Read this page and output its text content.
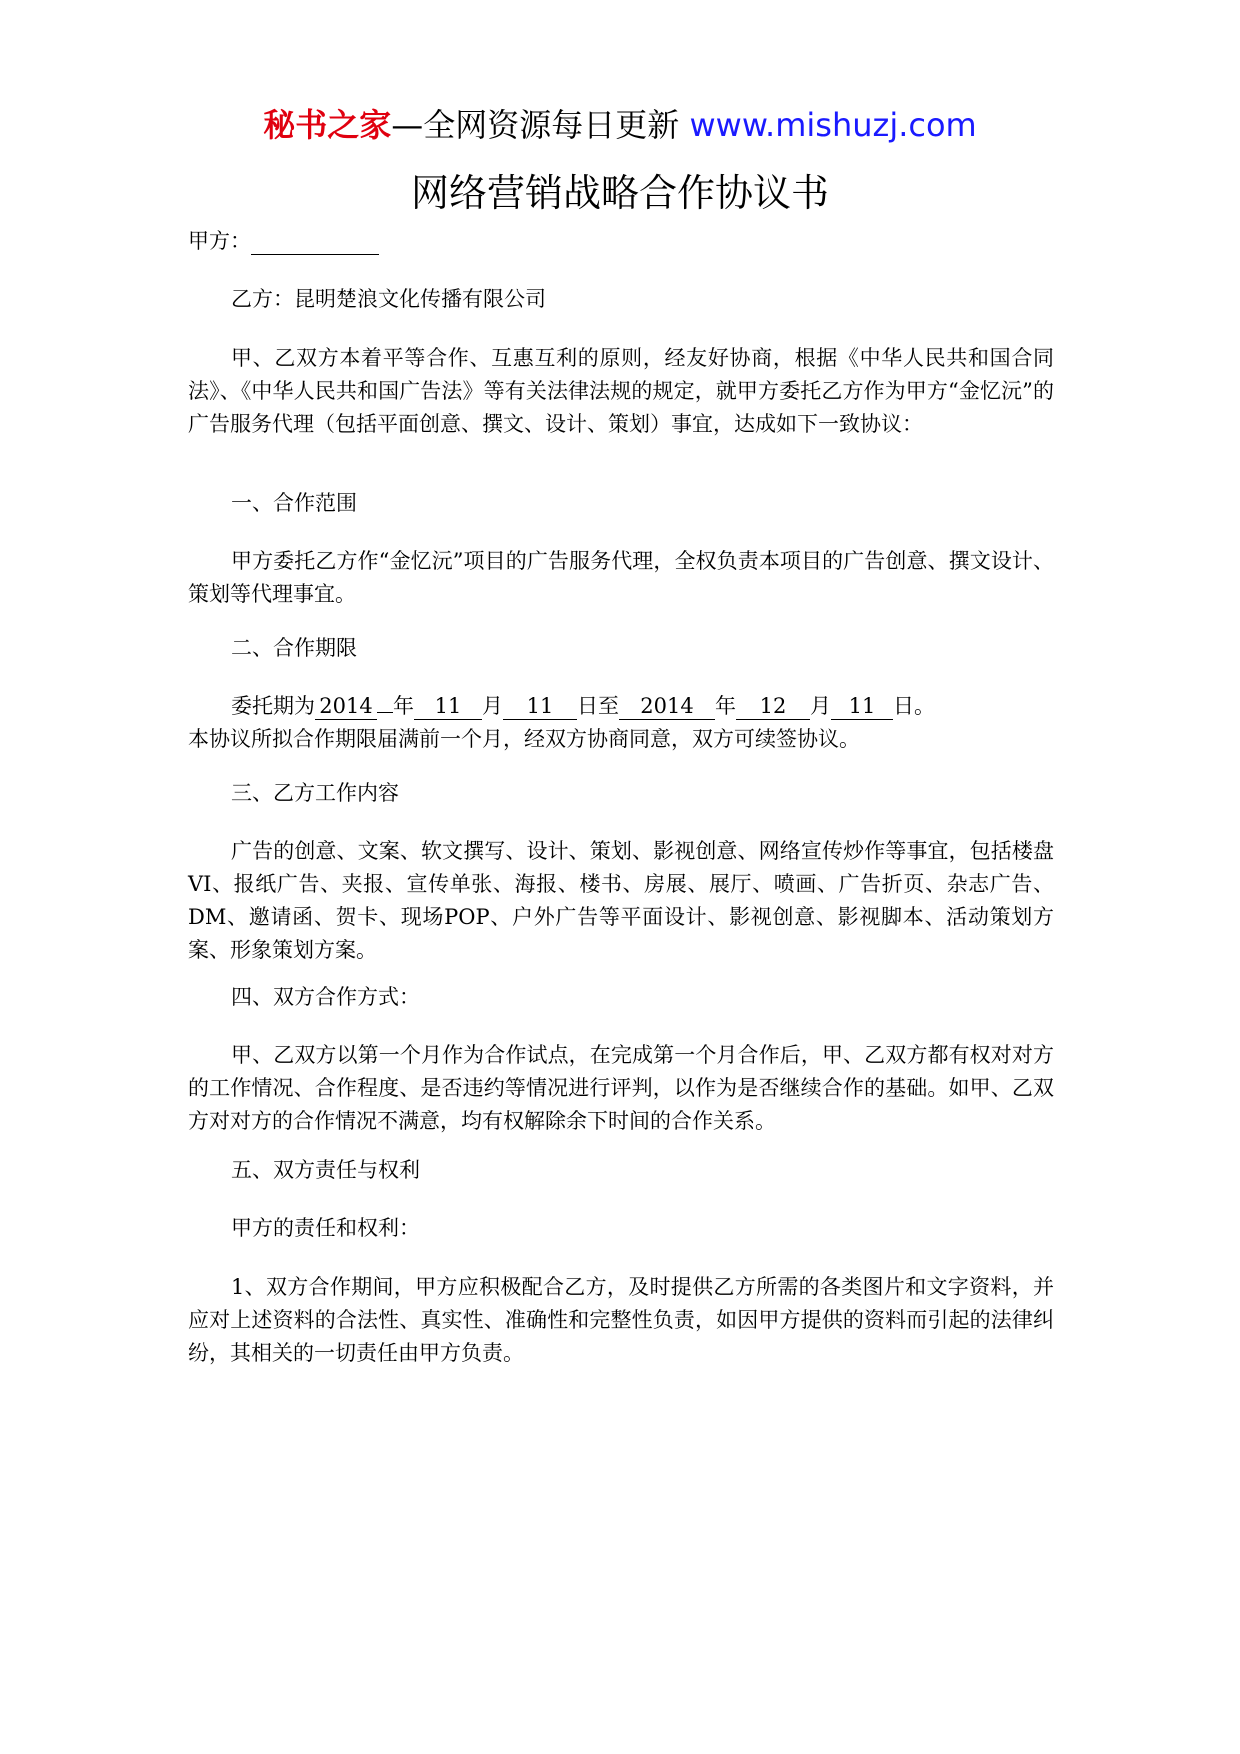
秘书之家—全网资源每日更新 www.mishuzj.com
网络营销战略合作协议书

甲方：

乙方：昆明楚浪文化传播有限公司

甲、乙双方本着平等合作、互惠互利的原则，经友好协商，根据《中华人民共和国合同法》、《中华人民共和国广告法》等有关法律法规的规定，就甲方委托乙方作为甲方“金忆沅”的广告服务代理（包括平面创意、撰文、设计、策划）事宜，达成如下一致协议：

一、合作范围

甲方委托乙方作“金忆沅”项目的广告服务代理，全权负责本项目的广告创意、撰文设计、策划等代理事宜。

二、合作期限

委托期为 2014 年 11 月 11 日至 2014 年 12 月 11 日。

本协议所拟合作期限届满前一个月，经双方协商同意，双方可续签协议。

三、乙方工作内容

广告的创意、文案、软文撰写、设计、策划、影视创意、网络宣传炒作等事宜，包括楼盘VI、报纸广告、夹报、宣传单张、海报、楼书、房展、展厅、喷画、广告折页、杂志广告、DM、邀请函、贺卡、现场POP、户外广告等平面设计、影视创意、影视脚本、活动策划方案、形象策划方案。

四、双方合作方式：

甲、乙双方以第一个月作为合作试点，在完成第一个月合作后，甲、乙双方都有权对对方的工作情况、合作程度、是否违约等情况进行评判，以作为是否继续合作的基础。如甲、乙双方对对方的合作情况不满意，均有权解除余下时间的合作关系。

五、双方责任与权利

甲方的责任和权利：

1、双方合作期间，甲方应积极配合乙方，及时提供乙方所需的各类图片和文字资料，并应对上述资料的合法性、真实性、准确性和完整性负责，如因甲方提供的资料而引起的法律纠纷，其相关的一切责任由甲方负责。
